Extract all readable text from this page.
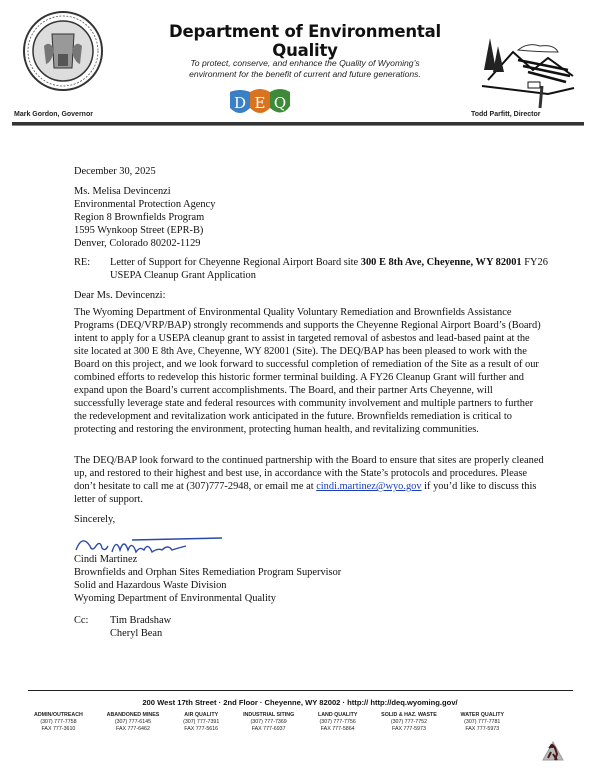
Department of Environmental Quality
To protect, conserve, and enhance the Quality of Wyoming’s
environment for the benefit of current and future generations.
D E Q
Mark Gordon, Governor	Todd Parfitt, Director
December 30, 2025
Ms. Melisa Devincenzi
Environmental Protection Agency
Region 8 Brownfields Program
1595 Wynkoop Street (EPR-B)
Denver, Colorado 80202-1129
RE: Letter of Support for Cheyenne Regional Airport Board site 300 E 8th Ave, Cheyenne, WY 82001 FY26 USEPA Cleanup Grant Application
Dear Ms. Devincenzi:

The Wyoming Department of Environmental Quality Voluntary Remediation and Brownfields Assistance Programs (DEQ/VRP/BAP) strongly recommends and supports the Cheyenne Regional Airport Board’s (Board) intent to apply for a USEPA cleanup grant to assist in targeted removal of asbestos and lead-based paint at the site located at 300 E 8th Ave, Cheyenne, WY 82001 (Site). The DEQ/BAP has been pleased to work with the Board on this project, and we look forward to successful completion of remediation of the Site as a result of our combined efforts to redevelop this historic former terminal building. A FY26 Cleanup Grant will further and expand upon the Board’s current accomplishments. The Board, and their partner Arts Cheyenne, will successfully leverage state and federal resources with community involvement and multiple partners to further the redevelopment and revitalization work anticipated in the future. Brownfields remediation is critical to protecting and restoring the environment, protecting human health, and revitalizing communities.

The DEQ/BAP look forward to the continued partnership with the Board to ensure that sites are properly cleaned up, and restored to their highest and best use, in accordance with the State’s protocols and procedures. Please don’t hesitate to call me at (307)777-2948, or email me at cindi.martinez@wyo.gov if you’d like to discuss this letter of support.

Sincerely,
Cindi Martinez
Brownfields and Orphan Sites Remediation Program Supervisor
Solid and Hazardous Waste Division
Wyoming Department of Environmental Quality
Cc: Tim Bradshaw
Cheryl Bean
200 West 17th Street · 2nd Floor · Cheyenne, WY 82002 · http:// http://deq.wyoming.gov/
ADMIN/OUTREACH
(307) 777-7758
FAX 777-3610
ABANDONED MINES
(307) 777-6145
FAX 777-6462
AIR QUALITY
(307) 777-7391
FAX 777-5616
INDUSTRIAL SITING
(307) 777-7369
FAX 777-6937
LAND QUALITY
(307) 777-7756
FAX 777-5864
SOLID & HAZ. WASTE
(307) 777-7752
FAX 777-5973
WATER QUALITY
(307) 777-7781
FAX 777-5973
